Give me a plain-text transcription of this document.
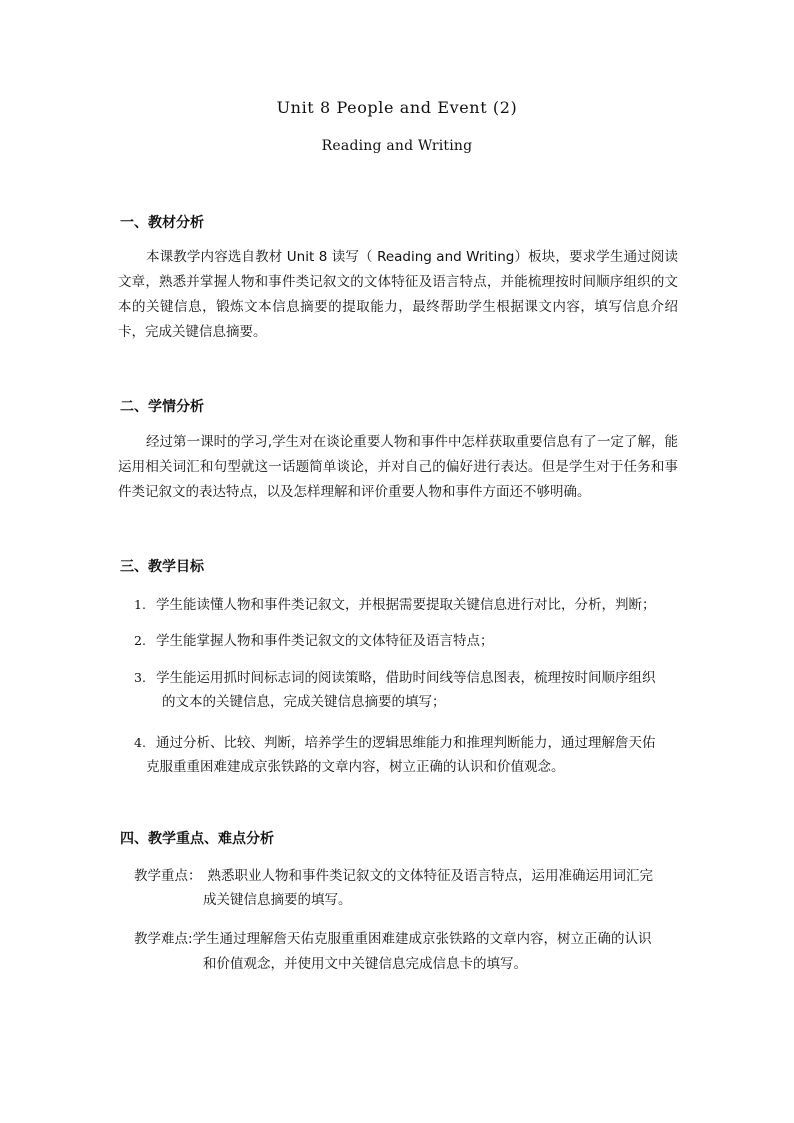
Unit 8 People and Event (2)
Reading and Writing
一、教材分析
本课教学内容选自教材 Unit 8 读写（ Reading and Writing）板块，要求学生通过阅读文章，熟悉并掌握人物和事件类记叙文的文体特征及语言特点，并能梳理按时间顺序组织的文本的关键信息，锻炼文本信息摘要的提取能力，最终帮助学生根据课文内容，填写信息介绍卡，完成关键信息摘要。
二、学情分析
经过第一课时的学习,学生对在谈论重要人物和事件中怎样获取重要信息有了一定了解，能运用相关词汇和句型就这一话题简单谈论，并对自己的偏好进行表达。但是学生对于任务和事件类记叙文的表达特点，以及怎样理解和评价重要人物和事件方面还不够明确。
三、教学目标
1. 学生能读懂人物和事件类记叙文，并根据需要提取关键信息进行对比，分析，判断；
2. 学生能掌握人物和事件类记叙文的文体特征及语言特点；
3. 学生能运用抓时间标志词的阅读策略，借助时间线等信息图表，梳理按时间顺序组织
的文本的关键信息，完成关键信息摘要的填写；
4. 通过分析、比较、判断，培养学生的逻辑思维能力和推理判断能力，通过理解詹天佑
克服重重困难建成京张铁路的文章内容，树立正确的认识和价值观念。
四、教学重点、难点分析
教学重点： 熟悉职业人物和事件类记叙文的文体特征及语言特点，运用准确运用词汇完
成关键信息摘要的填写。
教学难点:学生通过理解詹天佑克服重重困难建成京张铁路的文章内容，树立正确的认识
和价值观念，并使用文中关键信息完成信息卡的填写。
